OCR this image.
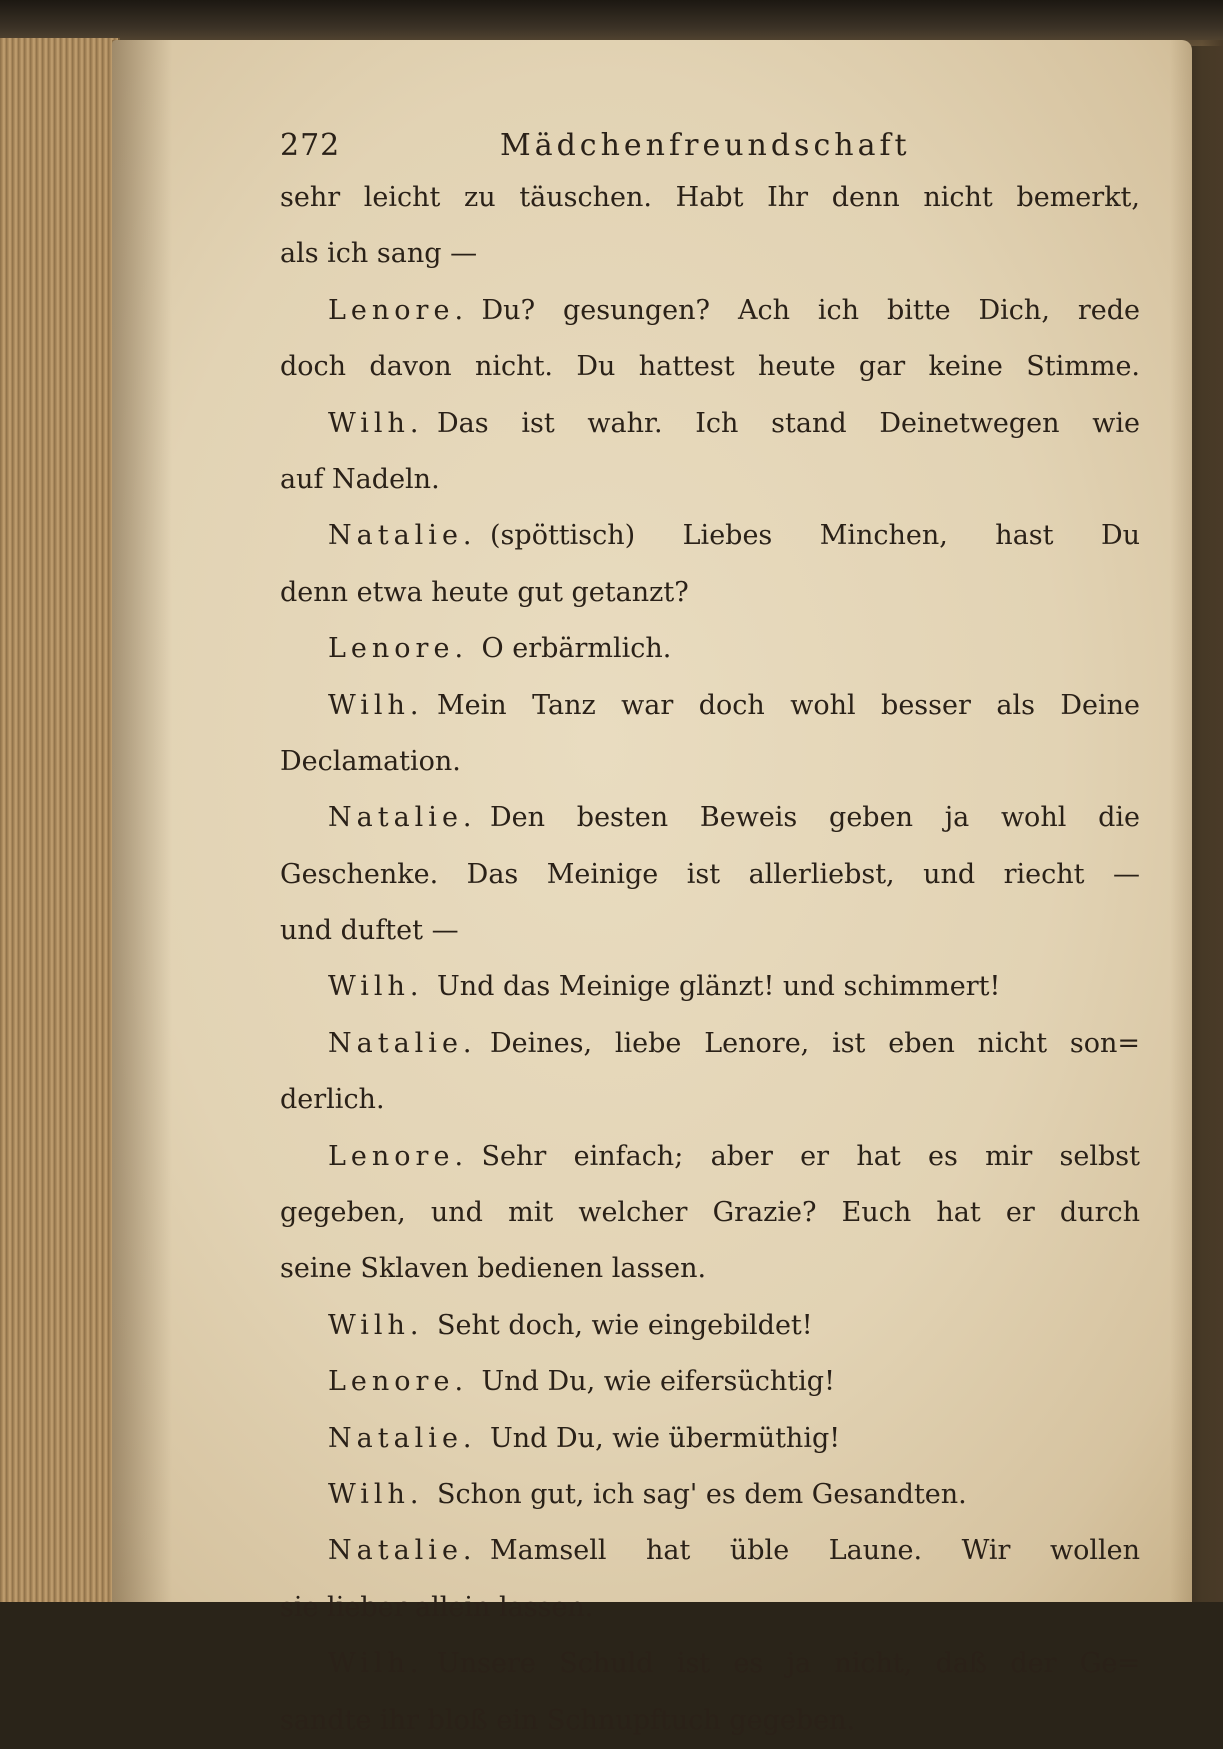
272	Mädchenfreundschaft
sehr leicht zu täuschen. Habt Ihr denn nicht bemerkt,
als ich sang —
Lenore.  Du? gesungen? Ach ich bitte Dich, rede
doch davon nicht. Du hattest heute gar keine Stimme.
Wilh.  Das ist wahr. Ich stand Deinetwegen wie
auf Nadeln.
Natalie.  (spöttisch) Liebes Minchen, hast Du
denn etwa heute gut getanzt?
Lenore.  O erbärmlich.
Wilh.  Mein Tanz war doch wohl besser als Deine
Declamation.
Natalie.  Den besten Beweis geben ja wohl die
Geschenke. Das Meinige ist allerliebst, und riecht —
und duftet —
Wilh.  Und das Meinige glänzt! und schimmert!
Natalie.  Deines, liebe Lenore, ist eben nicht son=
derlich.
Lenore.  Sehr einfach; aber er hat es mir selbst
gegeben, und mit welcher Grazie? Euch hat er durch
seine Sklaven bedienen lassen.
Wilh.  Seht doch, wie eingebildet!
Lenore.  Und Du, wie eifersüchtig!
Natalie.  Und Du, wie übermüthig!
Wilh.  Schon gut, ich sag' es dem Gesandten.
Natalie.  Mamsell hat üble Laune. Wir wollen
sie lieber allein lassen.
Wilh.  Unsere Schuld ist es ja nicht, daß der Ge=
sandte ihr bloß ein Schnupftuch gegeben.
